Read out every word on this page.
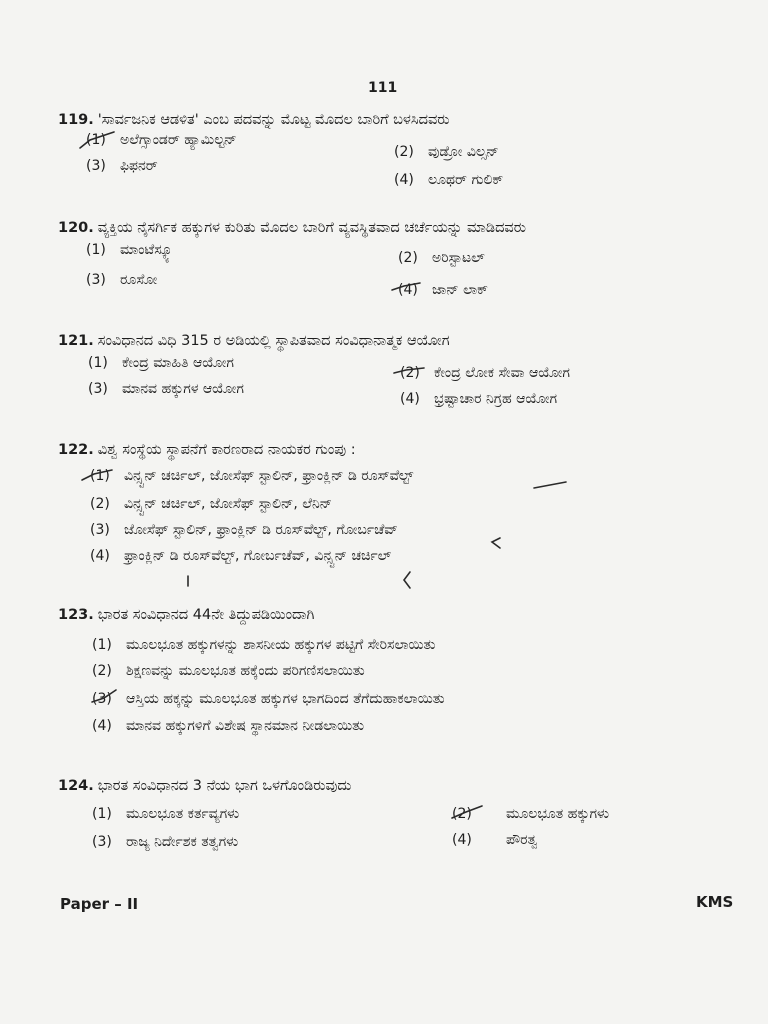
111
119. 'ಸಾರ್ವಜನಿಕ ಆಡಳಿತ' ಎಂಬ ಪದವನ್ನು ಮೊಟ್ಟ ಮೊದಲ ಬಾರಿಗೆ ಬಳಸಿದವರು
(1) ಅಲೆಗ್ಸಾಂಡರ್ ಹ್ಯಾಮಿಲ್ಟನ್
(2) ವುಡ್ರೋ ವಿಲ್ಸನ್
(3) ಫಿಫನರ್
(4) ಲೂಥರ್ ಗುಲಿಕ್
120. ವ್ಯಕ್ತಿಯ ನೈಸರ್ಗಿಕ ಹಕ್ಕುಗಳ ಕುರಿತು ಮೊದಲ ಬಾರಿಗೆ ವ್ಯವಸ್ಥಿತವಾದ ಚರ್ಚೆಯನ್ನು ಮಾಡಿದವರು
(1) ಮಾಂಟೆಸ್ಕ್ಯೂ	(2) ಅರಿಸ್ಟಾಟಲ್
(3) ರೂಸೋ
(4) ಜಾನ್ ಲಾಕ್
121. ಸಂವಿಧಾನದ ವಿಧಿ 315 ರ ಅಡಿಯಲ್ಲಿ ಸ್ಥಾಪಿತವಾದ ಸಂವಿಧಾನಾತ್ಮಕ ಆಯೋಗ
(1) ಕೇಂದ್ರ ಮಾಹಿತಿ ಆಯೋಗ
(2) ಕೇಂದ್ರ ಲೋಕ ಸೇವಾ ಆಯೋಗ
(3) ಮಾನವ ಹಕ್ಕುಗಳ ಆಯೋಗ
(4) ಭ್ರಷ್ಟಾಚಾರ ನಿಗ್ರಹ ಆಯೋಗ
122. ವಿಶ್ವ ಸಂಸ್ಥೆಯ ಸ್ಥಾಪನೆಗೆ ಕಾರಣರಾದ ನಾಯಕರ ಗುಂಪು :
(1) ವಿನ್ಸ್ಟನ್ ಚರ್ಚಿಲ್, ಜೋಸೆಫ್ ಸ್ಟಾಲಿನ್, ಫ್ರಾಂಕ್ಲಿನ್ ಡಿ ರೂಸ್‌ವೆಲ್ಟ್
(2) ವಿನ್ಸ್ಟನ್ ಚರ್ಚಿಲ್, ಜೋಸೆಫ್ ಸ್ಟಾಲಿನ್, ಲೆನಿನ್
(3) ಜೋಸೆಫ್ ಸ್ಟಾಲಿನ್, ಫ್ರಾಂಕ್ಲಿನ್ ಡಿ ರೂಸ್‌ವೆಲ್ಟ್, ಗೋರ್ಬಚೆವ್
(4) ಫ್ರಾಂಕ್ಲಿನ್ ಡಿ ರೂಸ್‌ವೆಲ್ಟ್, ಗೋರ್ಬಚೆವ್, ವಿನ್ಸ್ಟನ್ ಚರ್ಚಿಲ್
123. ಭಾರತ ಸಂವಿಧಾನದ 44ನೇ ತಿದ್ದುಪಡಿಯಿಂದಾಗಿ
(1) ಮೂಲಭೂತ ಹಕ್ಕುಗಳನ್ನು ಶಾಸನೀಯ ಹಕ್ಕುಗಳ ಪಟ್ಟಿಗೆ ಸೇರಿಸಲಾಯಿತು
(2) ಶಿಕ್ಷಣವನ್ನು ಮೂಲಭೂತ ಹಕ್ಕೆಂದು ಪರಿಗಣಿಸಲಾಯಿತು
(3) ಆಸ್ತಿಯ ಹಕ್ಕನ್ನು ಮೂಲಭೂತ ಹಕ್ಕುಗಳ ಭಾಗದಿಂದ ತೆಗೆದುಹಾಕಲಾಯಿತು
(4) ಮಾನವ ಹಕ್ಕುಗಳಿಗೆ ವಿಶೇಷ ಸ್ಥಾನಮಾನ ನೀಡಲಾಯಿತು
124. ಭಾರತ ಸಂವಿಧಾನದ 3 ನೆಯ ಭಾಗ ಒಳಗೊಂಡಿರುವುದು
(1) ಮೂಲಭೂತ ಕರ್ತವ್ಯಗಳು	(2) ಮೂಲಭೂತ ಹಕ್ಕುಗಳು
(3) ರಾಜ್ಯ ನಿರ್ದೇಶಕ ತತ್ವಗಳು	(4) ಪೌರತ್ವ
Paper – II	KMS
